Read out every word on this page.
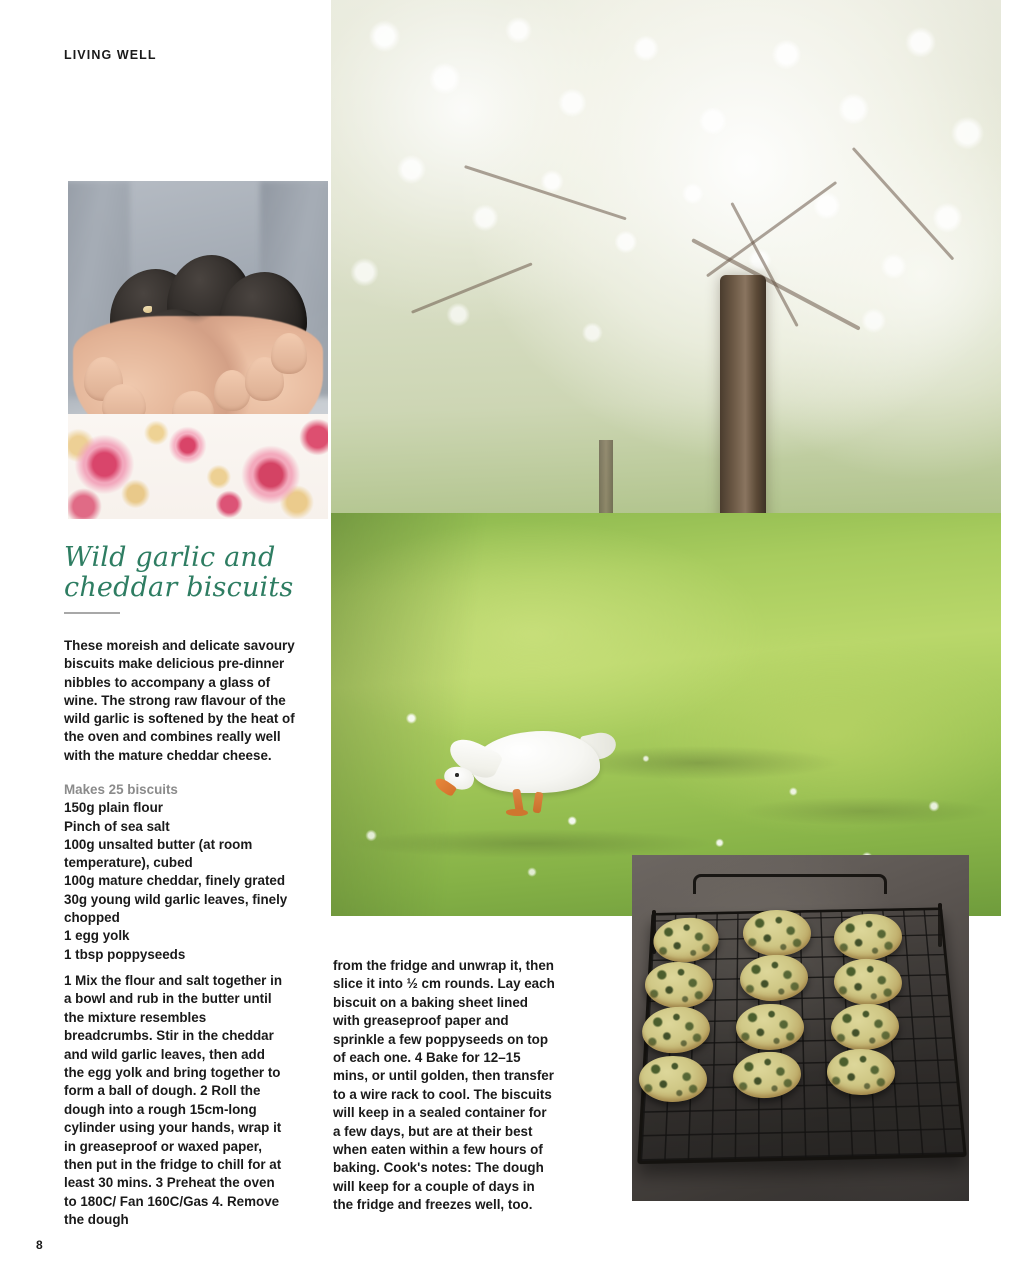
LIVING WELL
Wild garlic and
cheddar biscuits
These moreish and delicate savoury biscuits make delicious pre-dinner nibbles to accompany a glass of wine. The strong raw flavour of the wild garlic is softened by the heat of the oven and combines really well with the mature cheddar cheese.
Makes 25 biscuits
150g plain flour
Pinch of sea salt
100g unsalted butter (at room temperature), cubed
100g mature cheddar, finely grated
30g young wild garlic leaves, finely chopped
1 egg yolk
1 tbsp poppyseeds
1 Mix the flour and salt together in a bowl and rub in the butter until the mixture resembles breadcrumbs. Stir in the cheddar and wild garlic leaves, then add the egg yolk and bring together to form a ball of dough. 2 Roll the dough into a rough 15cm-long cylinder using your hands, wrap it in greaseproof or waxed paper, then put in the fridge to chill for at least 30 mins. 3 Preheat the oven to 180C/ Fan 160C/Gas 4. Remove the dough
from the fridge and unwrap it, then slice it into ½ cm rounds. Lay each biscuit on a baking sheet lined with greaseproof paper and sprinkle a few poppyseeds on top of each one. 4 Bake for 12–15 mins, or until golden, then transfer to a wire rack to cool. The biscuits will keep in a sealed container for a few days, but are at their best when eaten within a few hours of baking. Cook's notes: The dough will keep for a couple of days in the fridge and freezes well, too.
8
